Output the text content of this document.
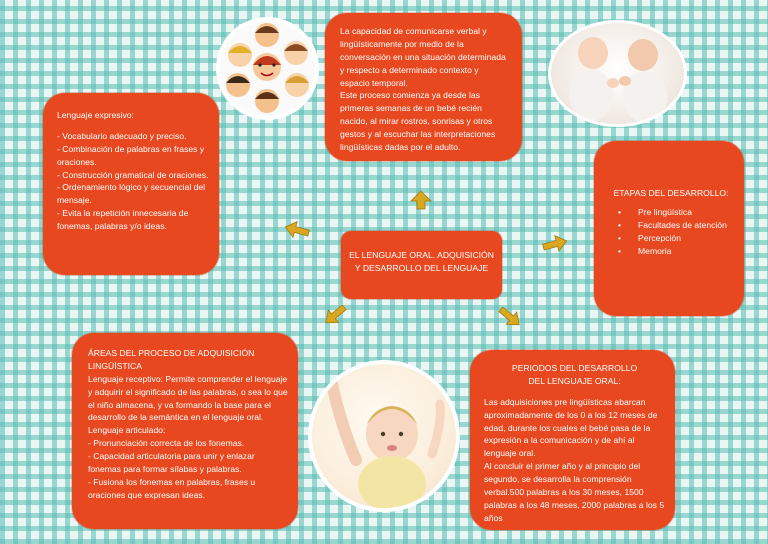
La capacidad de comunicarse verbal y lingüísticamente por medio de la conversación en una situación determinada y respecto a determinado contexto y espacio temporal.

Este proceso comienza ya desde las primeras semanas de un bebé recién nacido, al mirar rostros, sonrisas y otros gestos y al escuchar las interpretaciones lingüísticas dadas por el adulto.

Lenguaje expresivo:

- Vocabulario adecuado y preciso.

- Combinación de palabras en frases y oraciones.

- Construcción gramatical de oraciones.

- Ordenamiento lógico y secuencial del mensaje.

- Evita la repetición innecesaria de fonemas, palabras y/o ideas.

EL LENGUAJE ORAL. ADQUISICIÓN Y DESARROLLO DEL LENGUAJE

ETAPAS DEL DESARROLLO:

• Pre lingüística
• Facultades de atención
• Percepción
• Memoria

ÁREAS DEL PROCESO DE ADQUISICIÓN LINGÜÍSTICA

Lenguaje receptivo: Permite comprender el lenguaje y adquirir el significado de las palabras, o sea lo que el niño almacena, y va formando la base para el desarrollo de la semántica en el lenguaje oral.

Lenguaje articulado:

- Pronunciación correcta de los fonemas.

- Capacidad articulatoria para unir y enlazar fonemas para formar sílabas y palabras.

- Fusiona los fonemas en palabras, frases u oraciones que expresan ideas.

PERIODOS DEL DESARROLLO DEL LENGUAJE ORAL:

Las adquisiciones pre lingüísticas abarcan aproximadamente de los 0 a los 12 meses de edad, durante los cuales el bebé pasa de la expresión a la comunicación y de ahí al lenguaje oral.

Al concluir el primer año y al principio del segundo, se desarrolla la comprensión verbal.500 palabras a los 30 meses, 1500 palabras a los 48 meses, 2000 palabras a los 5 años
